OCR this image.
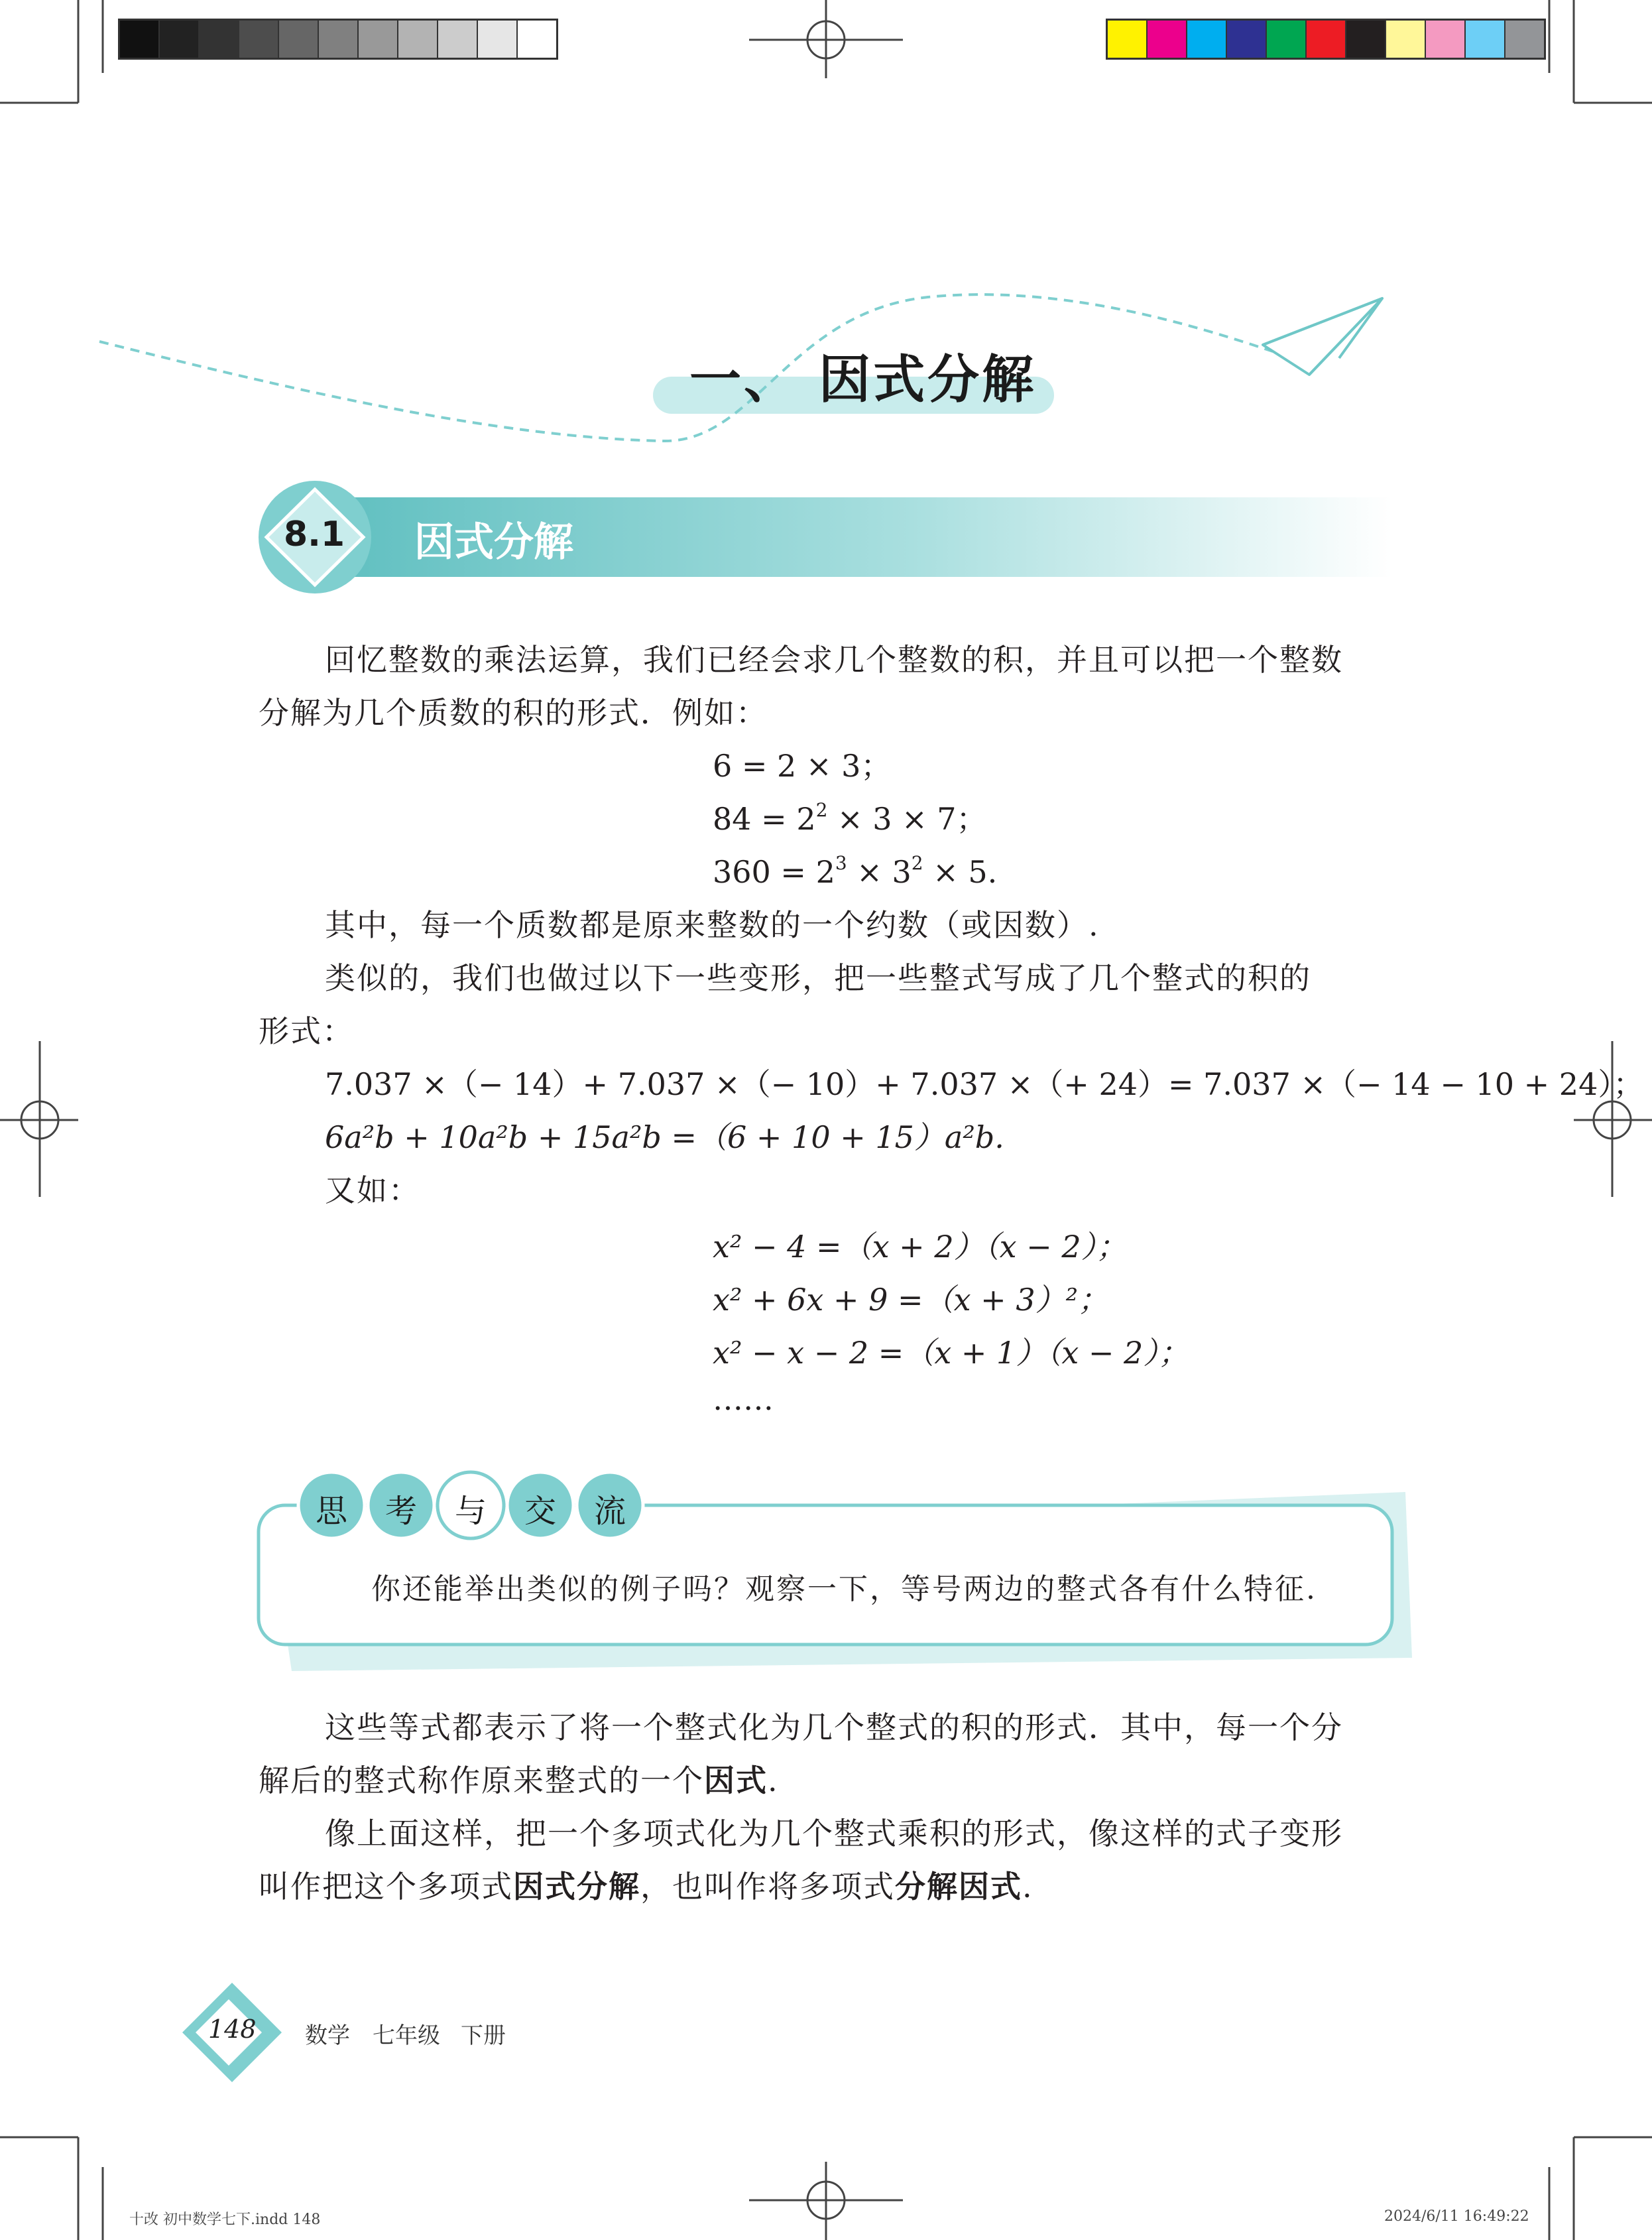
一、 因式分解
8.1 因式分解
回忆整数的乘法运算，我们已经会求几个整数的积，并且可以把一个整数
分解为几个质数的积的形式．例如：
6 = 2 × 3；
$84 = 2^2 \times 3 \times 7$；
$360 = 2^3 \times 3^2 \times 5$.
其中，每一个质数都是原来整数的一个约数（或因数）.
类似的，我们也做过以下一些变形，把一些整式写成了几个整式的积的
形式：
7.037 ×（− 14）+ 7.037 ×（− 10）+ 7.037 ×（+ 24）= 7.037 ×（− 14 − 10 + 24）；
6a²b + 10a²b + 15a²b =（6 + 10 + 15）a²b.
又如：
x² − 4 =（x + 2）（x − 2）；
x² + 6x + 9 =（x + 3）²；
x² − x − 2 =（x + 1）（x − 2）；
……
思	考	与	交	流
你还能举出类似的例子吗？观察一下，等号两边的整式各有什么特征.
这些等式都表示了将一个整式化为几个整式的积的形式．其中，每一个分
解后的整式称作原来整式的一个因式.
像上面这样，把一个多项式化为几个整式乘积的形式，像这样的式子变形
叫作把这个多项式因式分解，也叫作将多项式分解因式.
148 数学 七年级 下册
十改 初中数学七下.indd 148	2024/6/11 16:49:22
